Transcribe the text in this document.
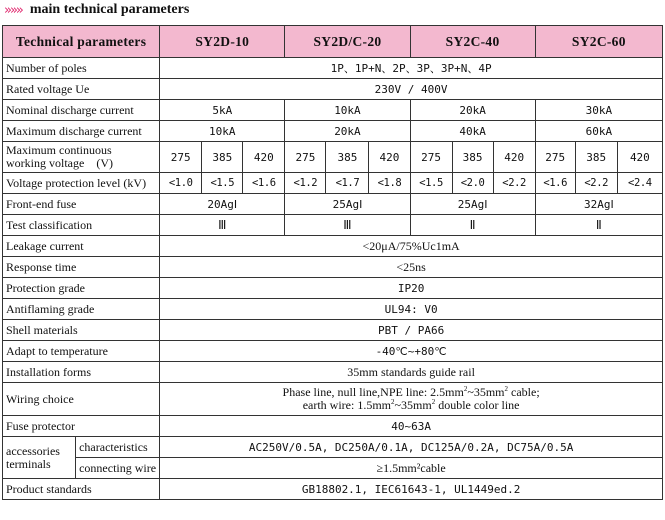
»»» main technical parameters
Technical parameters		SY2D-10			SY2D/C-20			SY2C-40			SY2C-60		
Number of poles		1P、1P+N、2P、3P、3P+N、4P											
Rated voltage Ue		230V / 400V											
Nominal discharge current		5kA			10kA			20kA			30kA		
Maximum discharge current		10kA			20kA			40kA			60kA		

Maximum continuous
working voltage (V)		275	385	420	275	385	420	275	385	420	275	385	420
Voltage protection level (kV)		<1.0	<1.5	<1.6	<1.2	<1.7	<1.8	<1.5	<2.0	<2.2	<1.6	<2.2	<2.4
Front-end fuse		20AgⅠ			25AgⅠ			25AgⅠ			32AgⅠ		
Test classification		Ⅲ			Ⅲ			Ⅱ			Ⅱ		
Leakage current		<20μA/75%Uc1mA											
Response time		<25ns											
Protection grade		IP20											
Antiflaming grade		UL94: V0											
Shell materials		PBT / PA66											
Adapt to temperature		-40℃~+80℃											
Installation forms		35mm standards guide rail											
Wiring choice		Phase line, null line,NPE line: $2.5mm^2\sim 35mm^2$ cable;
earth wire: $1.5mm^2\sim 35mm^2$ double color line											

Fuse protector		40~63A											

accessories
terminals	characteristics	AC250V/0.5A, DC250A/0.1A, DC125A/0.2A, DC75A/0.5A											
	connecting wire	≥1.5mm²cable											
Product standards		GB18802.1, IEC61643-1, UL1449ed.2											
